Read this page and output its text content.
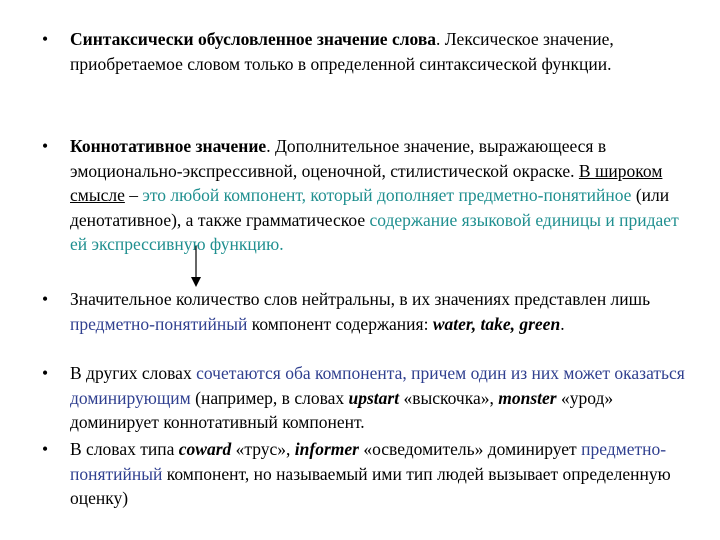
• Синтаксически обусловленное значение слова. Лексическое значение, приобретаемое словом только в определенной синтаксической функции.
• Коннотативное значение. Дополнительное значение, выражающееся в эмоционально-экспрессивной, оценочной, стилистической окраске. В широком смысле – это любой компонент, который дополняет предметно-понятийное (или денотативное), а также грамматическое содержание языковой единицы и придает ей экспрессивную функцию.
• Значительное количество слов нейтральны, в их значениях представлен лишь предметно-понятийный компонент содержания: water, take, green.
• В других словах сочетаются оба компонента, причем один из них может оказаться доминирующим (например, в словах upstart «выскочка», monster «урод» доминирует коннотативный компонент.
• В словах типа coward «трус», informer «осведомитель» доминирует предметно-понятийный компонент, но называемый ими тип людей вызывает определенную оценку)
